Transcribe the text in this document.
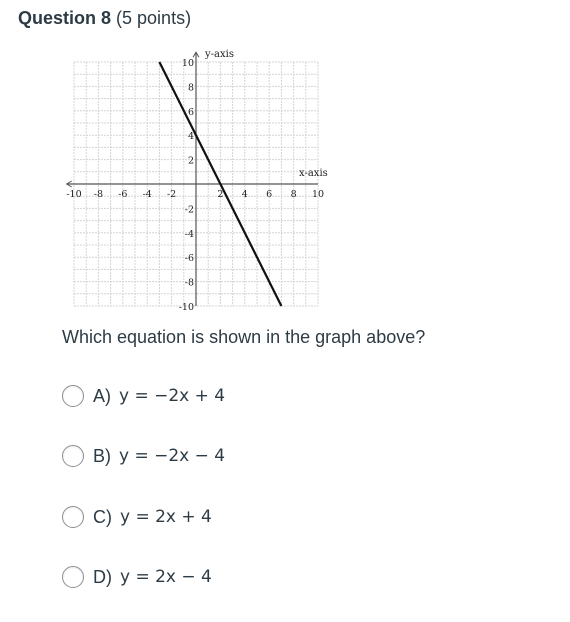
Question 8 (5 points)
-10 -8 -6 -4 -2	2 4 6 8 10
10
8
6
4
2
-2
-4
-6
-8
-10
y-axis
x-axis
Which equation is shown in the graph above?
A) y = −2x + 4
B) y = −2x − 4
C) y = 2x + 4
D) y = 2x − 4
